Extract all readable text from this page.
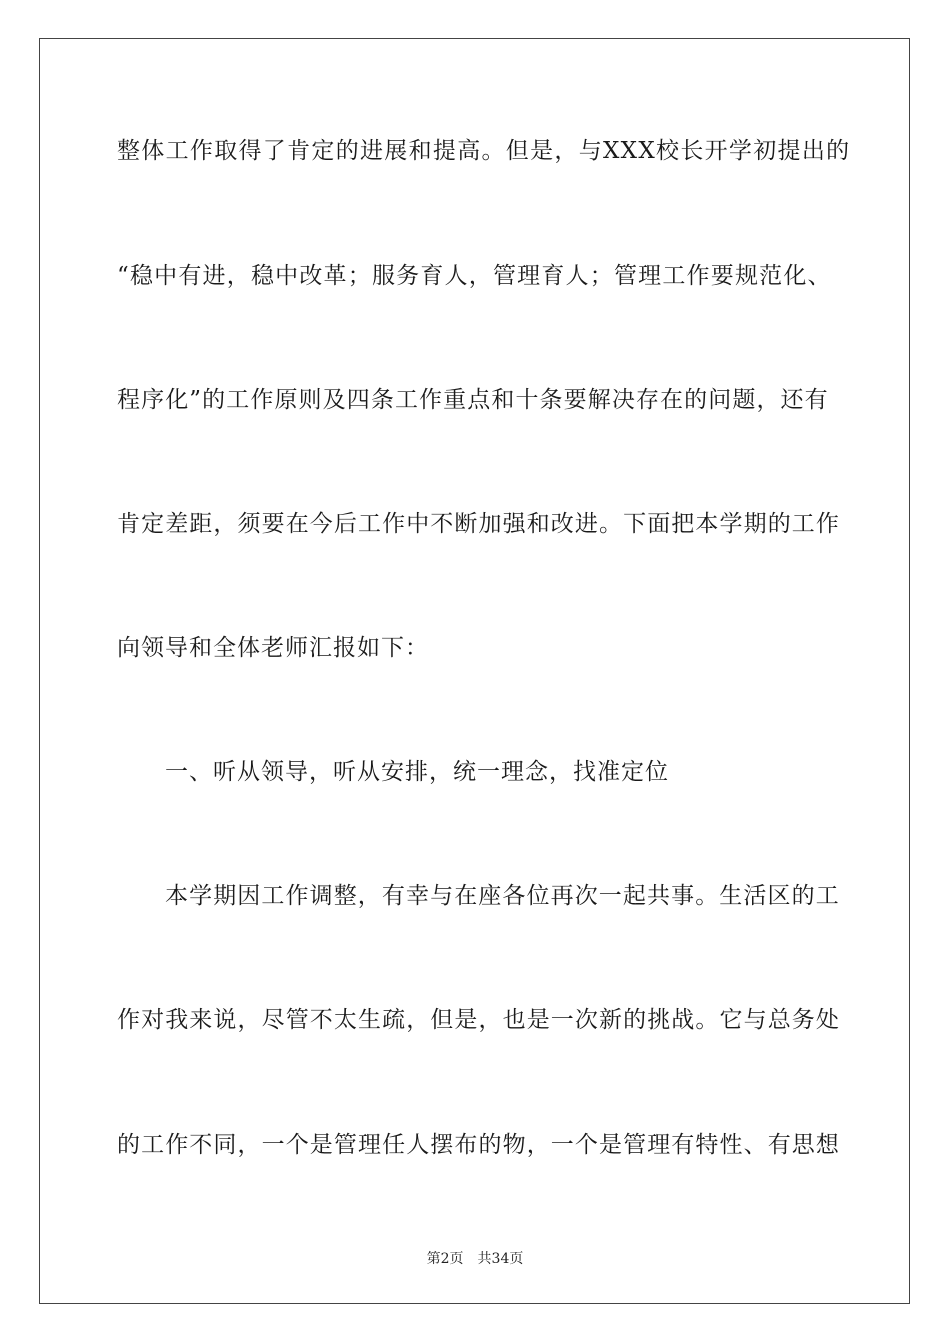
整体工作取得了肯定的进展和提高。但是，与XXX校长开学初提出的
“稳中有进，稳中改革；服务育人，管理育人；管理工作要规范化、
程序化”的工作原则及四条工作重点和十条要解决存在的问题，还有
肯定差距，须要在今后工作中不断加强和改进。下面把本学期的工作
向领导和全体老师汇报如下：
一、听从领导，听从安排，统一理念，找准定位
本学期因工作调整，有幸与在座各位再次一起共事。生活区的工
作对我来说，尽管不太生疏，但是，也是一次新的挑战。它与总务处
的工作不同，一个是管理任人摆布的物，一个是管理有特性、有思想
第2页 共34页
